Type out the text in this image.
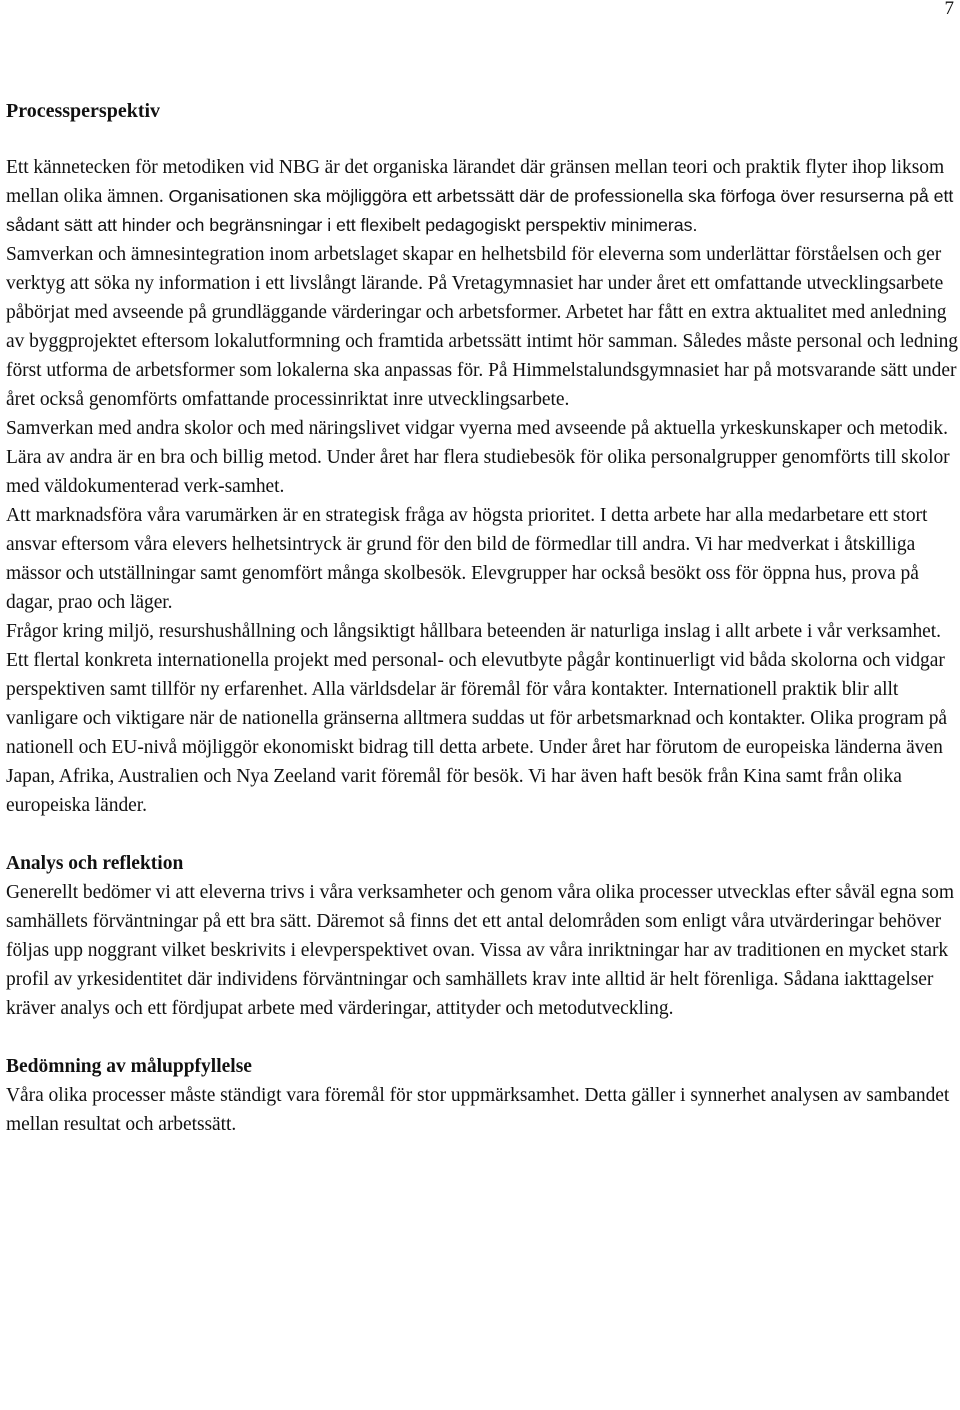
7
Processperspektiv

Ett kännetecken för metodiken vid NBG är det organiska lärandet där gränsen mellan teori och praktik flyter ihop liksom mellan olika ämnen. Organisationen ska möjliggöra ett arbetssätt där de professionella ska förfoga över resurserna på ett sådant sätt att hinder och begränsningar i ett flexibelt pedagogiskt perspektiv minimeras.

Samverkan och ämnesintegration inom arbetslaget skapar en helhetsbild för eleverna som underlättar förståelsen och ger verktyg att söka ny information i ett livslångt lärande. På Vretagymnasiet har under året ett omfattande utvecklingsarbete påbörjat med avseende på grundläggande värderingar och arbetsformer. Arbetet har fått en extra aktualitet med anledning av byggprojektet eftersom lokalutformning och framtida arbetssätt intimt hör samman. Således måste personal och ledning först utforma de arbetsformer som lokalerna ska anpassas för. På Himmelstalundsgymnasiet har på motsvarande sätt under året också genomförts omfattande processinriktat inre utvecklingsarbete.

Samverkan med andra skolor och med näringslivet vidgar vyerna med avseende på aktuella yrkeskunskaper och metodik. Lära av andra är en bra och billig metod. Under året har flera studiebesök för olika personalgrupper genomförts till skolor med väldokumenterad verk-samhet.

Att marknadsföra våra varumärken är en strategisk fråga av högsta prioritet. I detta arbete har alla medarbetare ett stort ansvar eftersom våra elevers helhetsintryck är grund för den bild de förmedlar till andra. Vi har medverkat i åtskilliga mässor och utställningar samt genomfört många skolbesök. Elevgrupper har också besökt oss för öppna hus, prova på dagar, prao och läger.

Frågor kring miljö, resurshushållning och långsiktigt hållbara beteenden är naturliga inslag i allt arbete i vår verksamhet.

Ett flertal konkreta internationella projekt med personal- och elevutbyte pågår kontinuerligt vid båda skolorna och vidgar perspektiven samt tillför ny erfarenhet. Alla världsdelar är föremål för våra kontakter. Internationell praktik blir allt vanligare och viktigare när de nationella gränserna alltmera suddas ut för arbetsmarknad och kontakter. Olika program på nationell och EU-nivå möjliggör ekonomiskt bidrag till detta arbete. Under året har förutom de europeiska länderna även Japan, Afrika, Australien och Nya Zeeland varit föremål för besök. Vi har även haft besök från Kina samt från olika europeiska länder.

Analys och reflektion

Generellt bedömer vi att eleverna trivs i våra verksamheter och genom våra olika processer utvecklas efter såväl egna som samhällets förväntningar på ett bra sätt. Däremot så finns det ett antal delområden som enligt våra utvärderingar behöver följas upp noggrant vilket beskrivits i elevperspektivet ovan. Vissa av våra inriktningar har av traditionen en mycket stark profil av yrkesidentitet där individens förväntningar och samhällets krav inte alltid är helt förenliga. Sådana iakttagelser kräver analys och ett fördjupat arbete med värderingar, attityder och metodutveckling.

Bedömning av måluppfyllelse

Våra olika processer måste ständigt vara föremål för stor uppmärksamhet. Detta gäller i synnerhet analysen av sambandet mellan resultat och arbetssätt.
